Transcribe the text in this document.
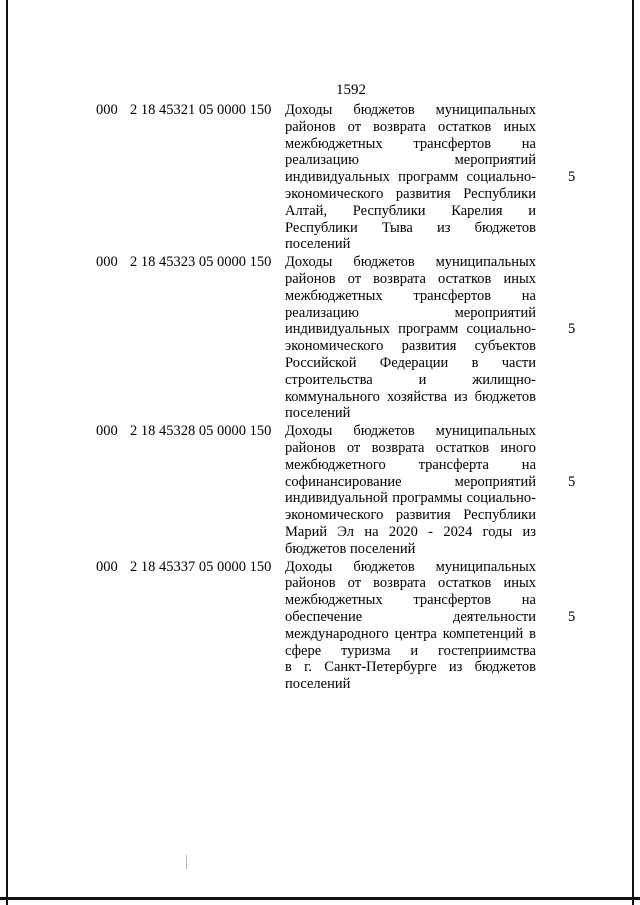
1592
000 2 18 45321 05 0000 150 Доходы бюджетов муниципальных
районов от возврата остатков иных
межбюджетных трансфертов на
реализацию мероприятий
индивидуальных программ социально-
экономического развития Республики
Алтай, Республики Карелия и
Республики Тыва из бюджетов
поселений
5
000 2 18 45323 05 0000 150 Доходы бюджетов муниципальных
районов от возврата остатков иных
межбюджетных трансфертов на
реализацию мероприятий
индивидуальных программ социально-
экономического развития субъектов
Российской Федерации в части
строительства и жилищно-
коммунального хозяйства из бюджетов
поселений
5
000 2 18 45328 05 0000 150 Доходы бюджетов муниципальных
районов от возврата остатков иного
межбюджетного трансферта на
софинансирование мероприятий
индивидуальной программы социально-
экономического развития Республики
Марий Эл на 2020 - 2024 годы из
бюджетов поселений
5
000 2 18 45337 05 0000 150 Доходы бюджетов муниципальных
районов от возврата остатков иных
межбюджетных трансфертов на
обеспечение деятельности
международного центра компетенций в
сфере туризма и гостеприимства
в г. Санкт-Петербурге из бюджетов
поселений
5
